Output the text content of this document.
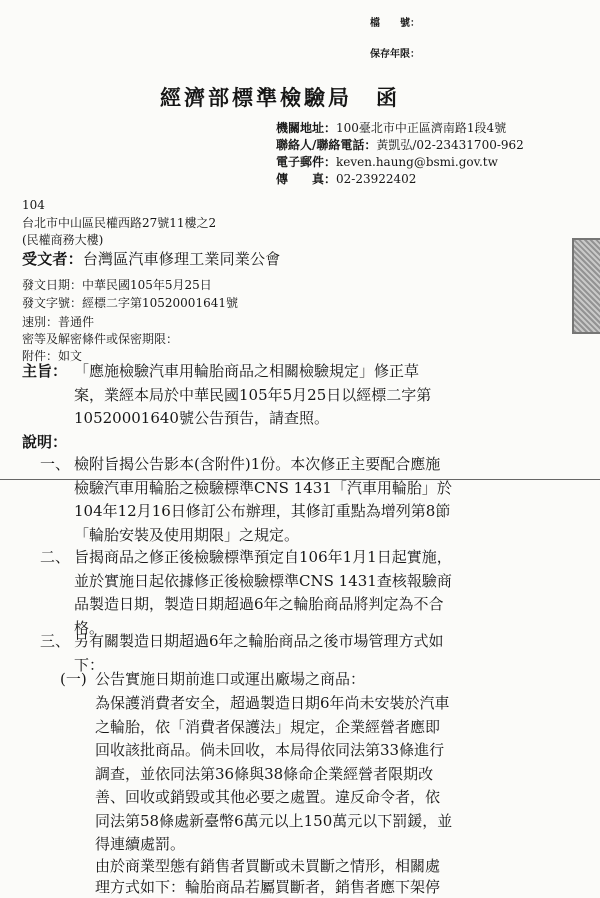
檔　　號：
保存年限：
經濟部標準檢驗局　函
機關地址：100臺北市中正區濟南路1段4號
聯絡人/聯絡電話：黃凱弘/02-23431700-962
電子郵件：keven.haung@bsmi.gov.tw
傳　　真：02-23922402
104
台北市中山區民權西路27號11樓之2
(民權商務大樓)
受文者：台灣區汽車修理工業同業公會
發文日期：中華民國105年5月25日
發文字號：經標二字第10520001641號
速別：普通件
密等及解密條件或保密期限：
附件：如文
主旨： 「應施檢驗汽車用輪胎商品之相關檢驗規定」修正草
案，業經本局於中華民國105年5月25日以經標二字第
10520001640號公告預告，請查照。
說明：
一、 檢附旨揭公告影本(含附件)1份。本次修正主要配合應施
檢驗汽車用輪胎之檢驗標準CNS 1431「汽車用輪胎」於
104年12月16日修訂公布辦理，其修訂重點為增列第8節
「輪胎安裝及使用期限」之規定。
二、 旨揭商品之修正後檢驗標準預定自106年1月1日起實施，
並於實施日起依據修正後檢驗標準CNS 1431查核報驗商
品製造日期，製造日期超過6年之輪胎商品將判定為不合
格。
三、 另有關製造日期超過6年之輪胎商品之後市場管理方式如
下：
(一) 公告實施日期前進口或運出廠場之商品：
為保護消費者安全，超過製造日期6年尚未安裝於汽車
之輪胎，依「消費者保護法」規定，企業經營者應即
回收該批商品。倘未回收，本局得依同法第33條進行
調查，並依同法第36條與38條命企業經營者限期改
善、回收或銷毀或其他必要之處置。違反命令者，依
同法第58條處新臺幣6萬元以上150萬元以下罰鍰，並
得連續處罰。
由於商業型態有銷售者買斷或未買斷之情形，相關處
理方式如下：輪胎商品若屬買斷者，銷售者應下架停
